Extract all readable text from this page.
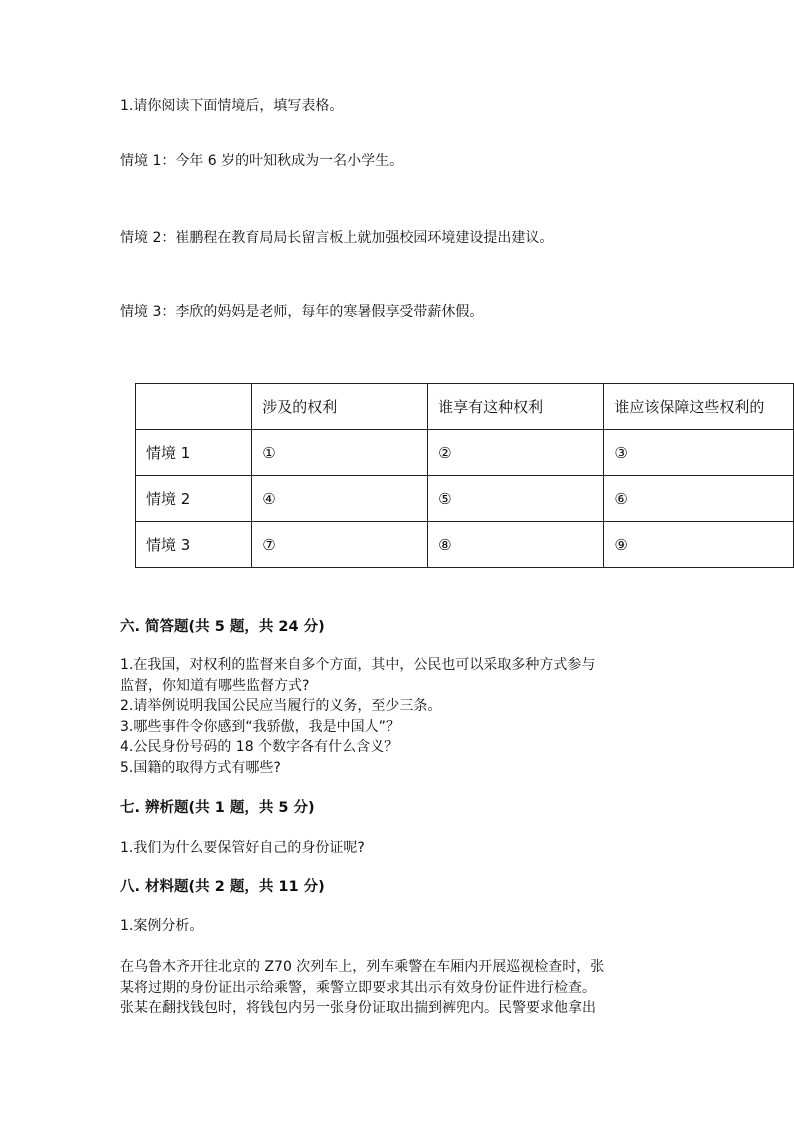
1.请你阅读下面情境后，填写表格。
情境 1：今年 6 岁的叶知秋成为一名小学生。
情境 2：崔鹏程在教育局局长留言板上就加强校园环境建设提出建议。
情境 3：李欣的妈妈是老师，每年的寒暑假享受带薪休假。
	涉及的权利	谁享有这种权利	谁应该保障这些权利的
情境 1	①	②	③
情境 2	④	⑤	⑥
情境 3	⑦	⑧	⑨
六. 简答题(共 5 题，共 24 分)
1.在我国，对权利的监督来自多个方面，其中，公民也可以采取多种方式参与
监督，你知道有哪些监督方式?
2.请举例说明我国公民应当履行的义务，至少三条。
3.哪些事件令你感到“我骄傲，我是中国人”？
4.公民身份号码的 18 个数字各有什么含义？
5.国籍的取得方式有哪些?
七. 辨析题(共 1 题，共 5 分)
1.我们为什么要保管好自己的身份证呢?
八. 材料题(共 2 题，共 11 分)
1.案例分析。
在乌鲁木齐开往北京的 Z70 次列车上，列车乘警在车厢内开展巡视检查时，张
某将过期的身份证出示给乘警，乘警立即要求其出示有效身份证件进行检查。
张某在翻找钱包时，将钱包内另一张身份证取出揣到裤兜内。民警要求他拿出
